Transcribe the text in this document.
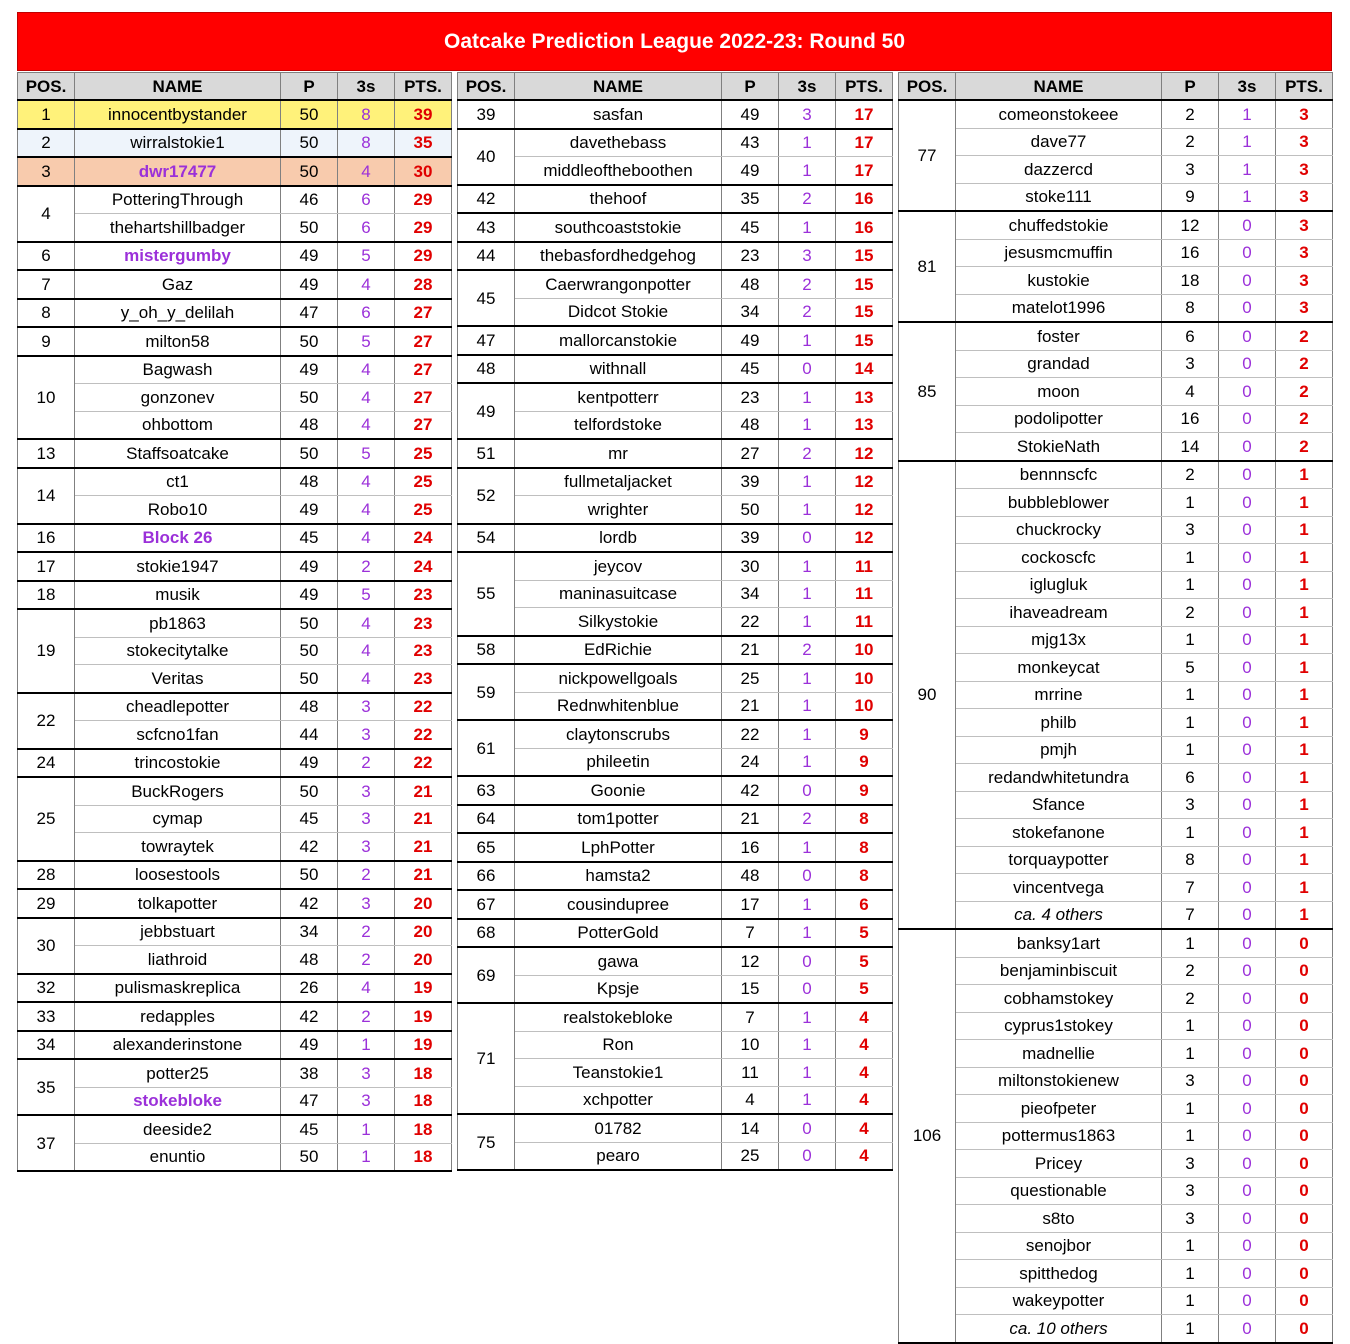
Oatcake Prediction League 2022-23: Round 50
POS.	NAME	P	3s	PTS.
1	innocentbystander	50	8	39
2	wirralstokie1	50	8	35
3	dwr17477	50	4	30
4	PotteringThrough	46	6	29
	thehartshillbadger	50	6	29
6	mistergumby	49	5	29
7	Gaz	49	4	28
8	y_oh_y_delilah	47	6	27
9	milton58	50	5	27
10	Bagwash	49	4	27
	gonzonev	50	4	27
	ohbottom	48	4	27
13	Staffsoatcake	50	5	25
14	ct1	48	4	25
	Robo10	49	4	25
16	Block 26	45	4	24
17	stokie1947	49	2	24
18	musik	49	5	23
19	pb1863	50	4	23
	stokecitytalke	50	4	23
	Veritas	50	4	23
22	cheadlepotter	48	3	22
	scfcno1fan	44	3	22
24	trincostokie	49	2	22
25	BuckRogers	50	3	21
	cymap	45	3	21
	towraytek	42	3	21
28	loosestools	50	2	21
29	tolkapotter	42	3	20
30	jebbstuart	34	2	20
	liathroid	48	2	20
32	pulismaskreplica	26	4	19
33	redapples	42	2	19
34	alexanderinstone	49	1	19
35	potter25	38	3	18
	stokebloke	47	3	18
37	deeside2	45	1	18
	enuntio	50	1	18
POS.	NAME	P	3s	PTS.
39	sasfan	49	3	17
40	davethebass	43	1	17
	middleoftheboothen	49	1	17
42	thehoof	35	2	16
43	southcoaststokie	45	1	16
44	thebasfordhedgehog	23	3	15
45	Caerwrangonpotter	48	2	15
	Didcot Stokie	34	2	15
47	mallorcanstokie	49	1	15
48	withnall	45	0	14
49	kentpotterr	23	1	13
	telfordstoke	48	1	13
51	mr	27	2	12
52	fullmetaljacket	39	1	12
	wrighter	50	1	12
54	lordb	39	0	12
55	jeycov	30	1	11
	maninasuitcase	34	1	11
	Silkystokie	22	1	11
58	EdRichie	21	2	10
59	nickpowellgoals	25	1	10
	Rednwhitenblue	21	1	10
61	claytonscrubs	22	1	9
	phileetin	24	1	9
63	Goonie	42	0	9
64	tom1potter	21	2	8
65	LphPotter	16	1	8
66	hamsta2	48	0	8
67	cousindupree	17	1	6
68	PotterGold	7	1	5
69	gawa	12	0	5
	Kpsje	15	0	5
71	realstokebloke	7	1	4
	Ron	10	1	4
	Teanstokie1	11	1	4
	xchpotter	4	1	4
75	01782	14	0	4
	pearo	25	0	4
POS.	NAME	P	3s	PTS.
77	comeonstokeee	2	1	3
	dave77	2	1	3
	dazzercd	3	1	3
	stoke111	9	1	3
81	chuffedstokie	12	0	3
	jesusmcmuffin	16	0	3
	kustokie	18	0	3
	matelot1996	8	0	3
85	foster	6	0	2
	grandad	3	0	2
	moon	4	0	2
	podolipotter	16	0	2
	StokieNath	14	0	2
90	bennnscfc	2	0	1
	bubbleblower	1	0	1
	chuckrocky	3	0	1
	cockoscfc	1	0	1
	iglugluk	1	0	1
	ihaveadream	2	0	1
	mjg13x	1	0	1
	monkeycat	5	0	1
	mrrine	1	0	1
	philb	1	0	1
	pmjh	1	0	1
	redandwhitetundra	6	0	1
	Sfance	3	0	1
	stokefanone	1	0	1
	torquaypotter	8	0	1
	vincentvega	7	0	1
	ca. 4 others	7	0	1
106	banksy1art	1	0	0
	benjaminbiscuit	2	0	0
	cobhamstokey	2	0	0
	cyprus1stokey	1	0	0
	madnellie	1	0	0
	miltonstokienew	3	0	0
	pieofpeter	1	0	0
	pottermus1863	1	0	0
	Pricey	3	0	0
	questionable	3	0	0
	s8to	3	0	0
	senojbor	1	0	0
	spitthedog	1	0	0
	wakeypotter	1	0	0
	ca. 10 others	1	0	0
